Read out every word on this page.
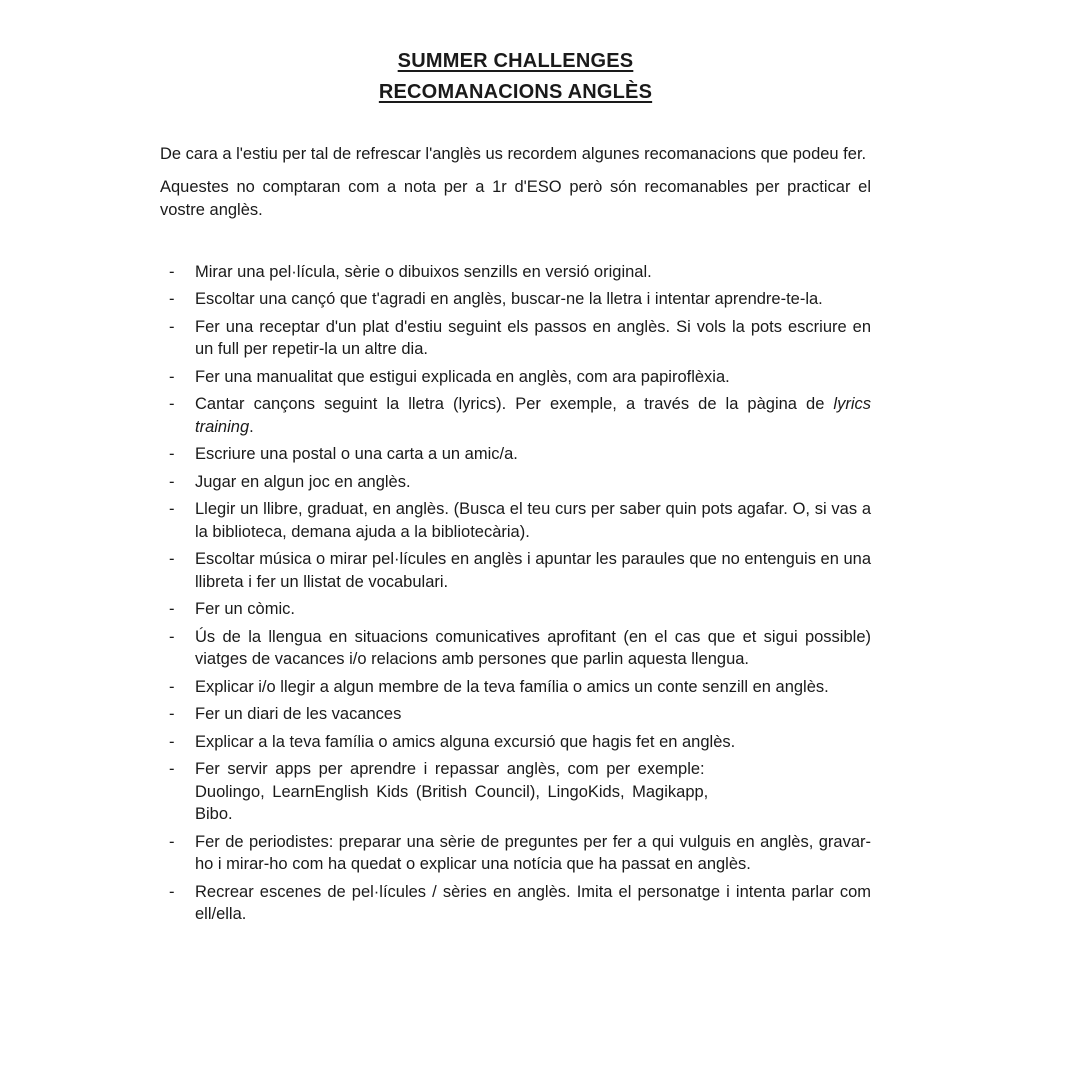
SUMMER CHALLENGES
RECOMANACIONS ANGLÈS

De cara a l'estiu per tal de refrescar l'anglès us recordem algunes recomanacions que podeu fer.

Aquestes no comptaran com a nota per a 1r d'ESO però són recomanables per practicar el vostre anglès.

-	Mirar una pel·lícula, sèrie o dibuixos senzills en versió original.
-	Escoltar una cançó que t'agradi en anglès, buscar-ne la lletra i intentar aprendre-te-la.
-	Fer una receptar d'un plat d'estiu seguint els passos en anglès. Si vols la pots escriure en un full per repetir-la un altre dia.
-	Fer una manualitat que estigui explicada en anglès, com ara papiroflèxia.
-	Cantar cançons seguint la lletra (lyrics). Per exemple, a través de la pàgina de lyrics training.
-	Escriure una postal o una carta a un amic/a.
-	Jugar en algun joc en anglès.
-	Llegir un llibre, graduat, en anglès. (Busca el teu curs per saber quin pots agafar. O, si vas a la biblioteca, demana ajuda a la bibliotecària).
-	Escoltar música o mirar pel·lícules en anglès i apuntar les paraules que no entenguis en una llibreta i fer un llistat de vocabulari.
-	Fer un còmic.
-	Ús de la llengua en situacions comunicatives aprofitant (en el cas que et sigui possible) viatges de vacances i/o relacions amb persones que parlin aquesta llengua.
-	Explicar i/o llegir a algun membre de la teva família o amics un conte senzill en anglès.
-	Fer un diari de les vacances
-	Explicar a la teva família o amics alguna excursió que hagis fet en anglès.
-	Fer servir apps per aprendre i repassar anglès, com per exemple:
Duolingo, LearnEnglish Kids (British Council), LingoKids, Magikapp,
Bibo.
-	Fer de periodistes: preparar una sèrie de preguntes per fer a qui vulguis en anglès, gravar-ho i mirar-ho com ha quedat o explicar una notícia que ha passat en anglès.
-	Recrear escenes de pel·lícules / sèries en anglès. Imita el personatge i intenta parlar com ell/ella.
